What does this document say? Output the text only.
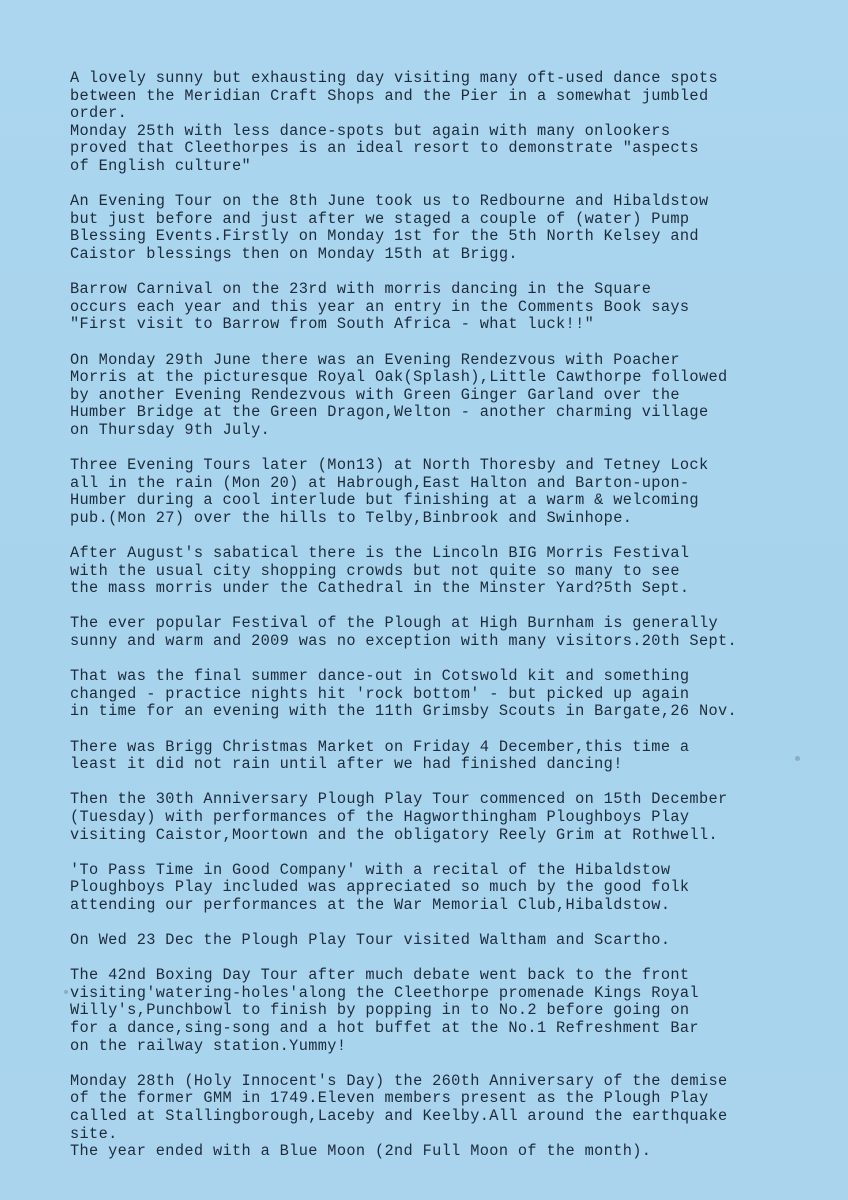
A lovely sunny but exhausting day visiting many oft-used dance spots
between the Meridian Craft Shops and the Pier in a somewhat jumbled
order.
Monday 25th with less dance-spots but again with many onlookers
proved that Cleethorpes is an ideal resort to demonstrate "aspects
of English culture"
An Evening Tour on the 8th June took us to Redbourne and Hibaldstow
but just before and just after we staged a couple of (water) Pump
Blessing Events.Firstly on Monday 1st for the 5th North Kelsey and
Caistor blessings then on Monday 15th at Brigg.
Barrow Carnival on the 23rd with morris dancing in the Square
occurs each year and this year an entry in the Comments Book says
"First visit to Barrow from South Africa - what luck!!"
On Monday 29th June there was an Evening Rendezvous with Poacher
Morris at the picturesque Royal Oak(Splash),Little Cawthorpe followed
by another Evening Rendezvous with Green Ginger Garland over the
Humber Bridge at the Green Dragon,Welton - another charming village
on Thursday 9th July.
Three Evening Tours later (Mon13) at North Thoresby and Tetney Lock
all in the rain (Mon 20) at Habrough,East Halton and Barton-upon-
Humber during a cool interlude but finishing at a warm & welcoming
pub.(Mon 27) over the hills to Telby,Binbrook and Swinhope.
After August's sabatical there is the Lincoln BIG Morris Festival
with the usual city shopping crowds but not quite so many to see
the mass morris under the Cathedral in the Minster Yard?5th Sept.
The ever popular Festival of the Plough at High Burnham is generally
sunny and warm and 2009 was no exception with many visitors.20th Sept.
That was the final summer dance-out in Cotswold kit and something
changed - practice nights hit 'rock bottom' - but picked up again
in time for an evening with the 11th Grimsby Scouts in Bargate,26 Nov.
There was Brigg Christmas Market on Friday 4 December,this time a
least it did not rain until after we had finished dancing!
Then the 30th Anniversary Plough Play Tour commenced on 15th December
(Tuesday) with performances of the Hagworthingham Ploughboys Play
visiting Caistor,Moortown and the obligatory Reely Grim at Rothwell.
'To Pass Time in Good Company' with a recital of the Hibaldstow
Ploughboys Play included was appreciated so much by the good folk
attending our performances at the War Memorial Club,Hibaldstow.
On Wed 23 Dec the Plough Play Tour visited Waltham and Scartho.
The 42nd Boxing Day Tour after much debate went back to the front
visiting'watering-holes'along the Cleethorpe promenade Kings Royal
Willy's,Punchbowl to finish by popping in to No.2 before going on
for a dance,sing-song and a hot buffet at the No.1 Refreshment Bar
on the railway station.Yummy!
Monday 28th (Holy Innocent's Day) the 260th Anniversary of the demise
of the former GMM in 1749.Eleven members present as the Plough Play
called at Stallingborough,Laceby and Keelby.All around the earthquake
site.
The year ended with a Blue Moon (2nd Full Moon of the month).
